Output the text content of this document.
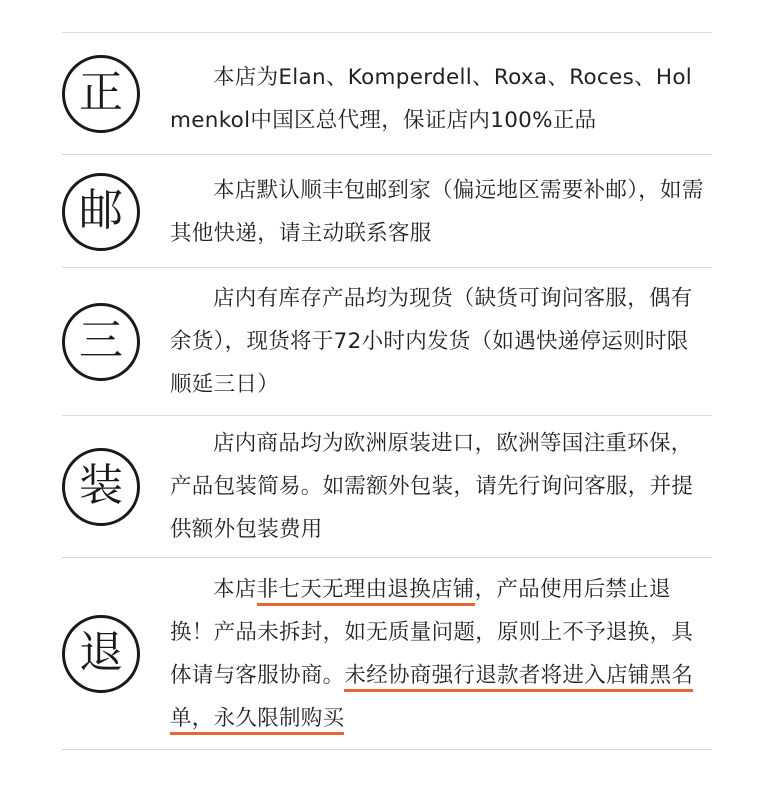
正	本店为Elan、Komperdell、Roxa、Roces、Holmenkol中国区总代理，保证店内100%正品

邮	本店默认顺丰包邮到家（偏远地区需要补邮），如需其他快递，请主动联系客服

三

店内有库存产品均为现货（缺货可询问客服，偶有余货），现货将于72小时内发货（如遇快递停运则时限顺延三日）

装

店内商品均为欧洲原装进口，欧洲等国注重环保，产品包装简易。如需额外包装，请先行询问客服，并提供额外包装费用

退

本店非七天无理由退换店铺，产品使用后禁止退换！产品未拆封，如无质量问题，原则上不予退换，具体请与客服协商。未经协商强行退款者将进入店铺黑名单，永久限制购买
